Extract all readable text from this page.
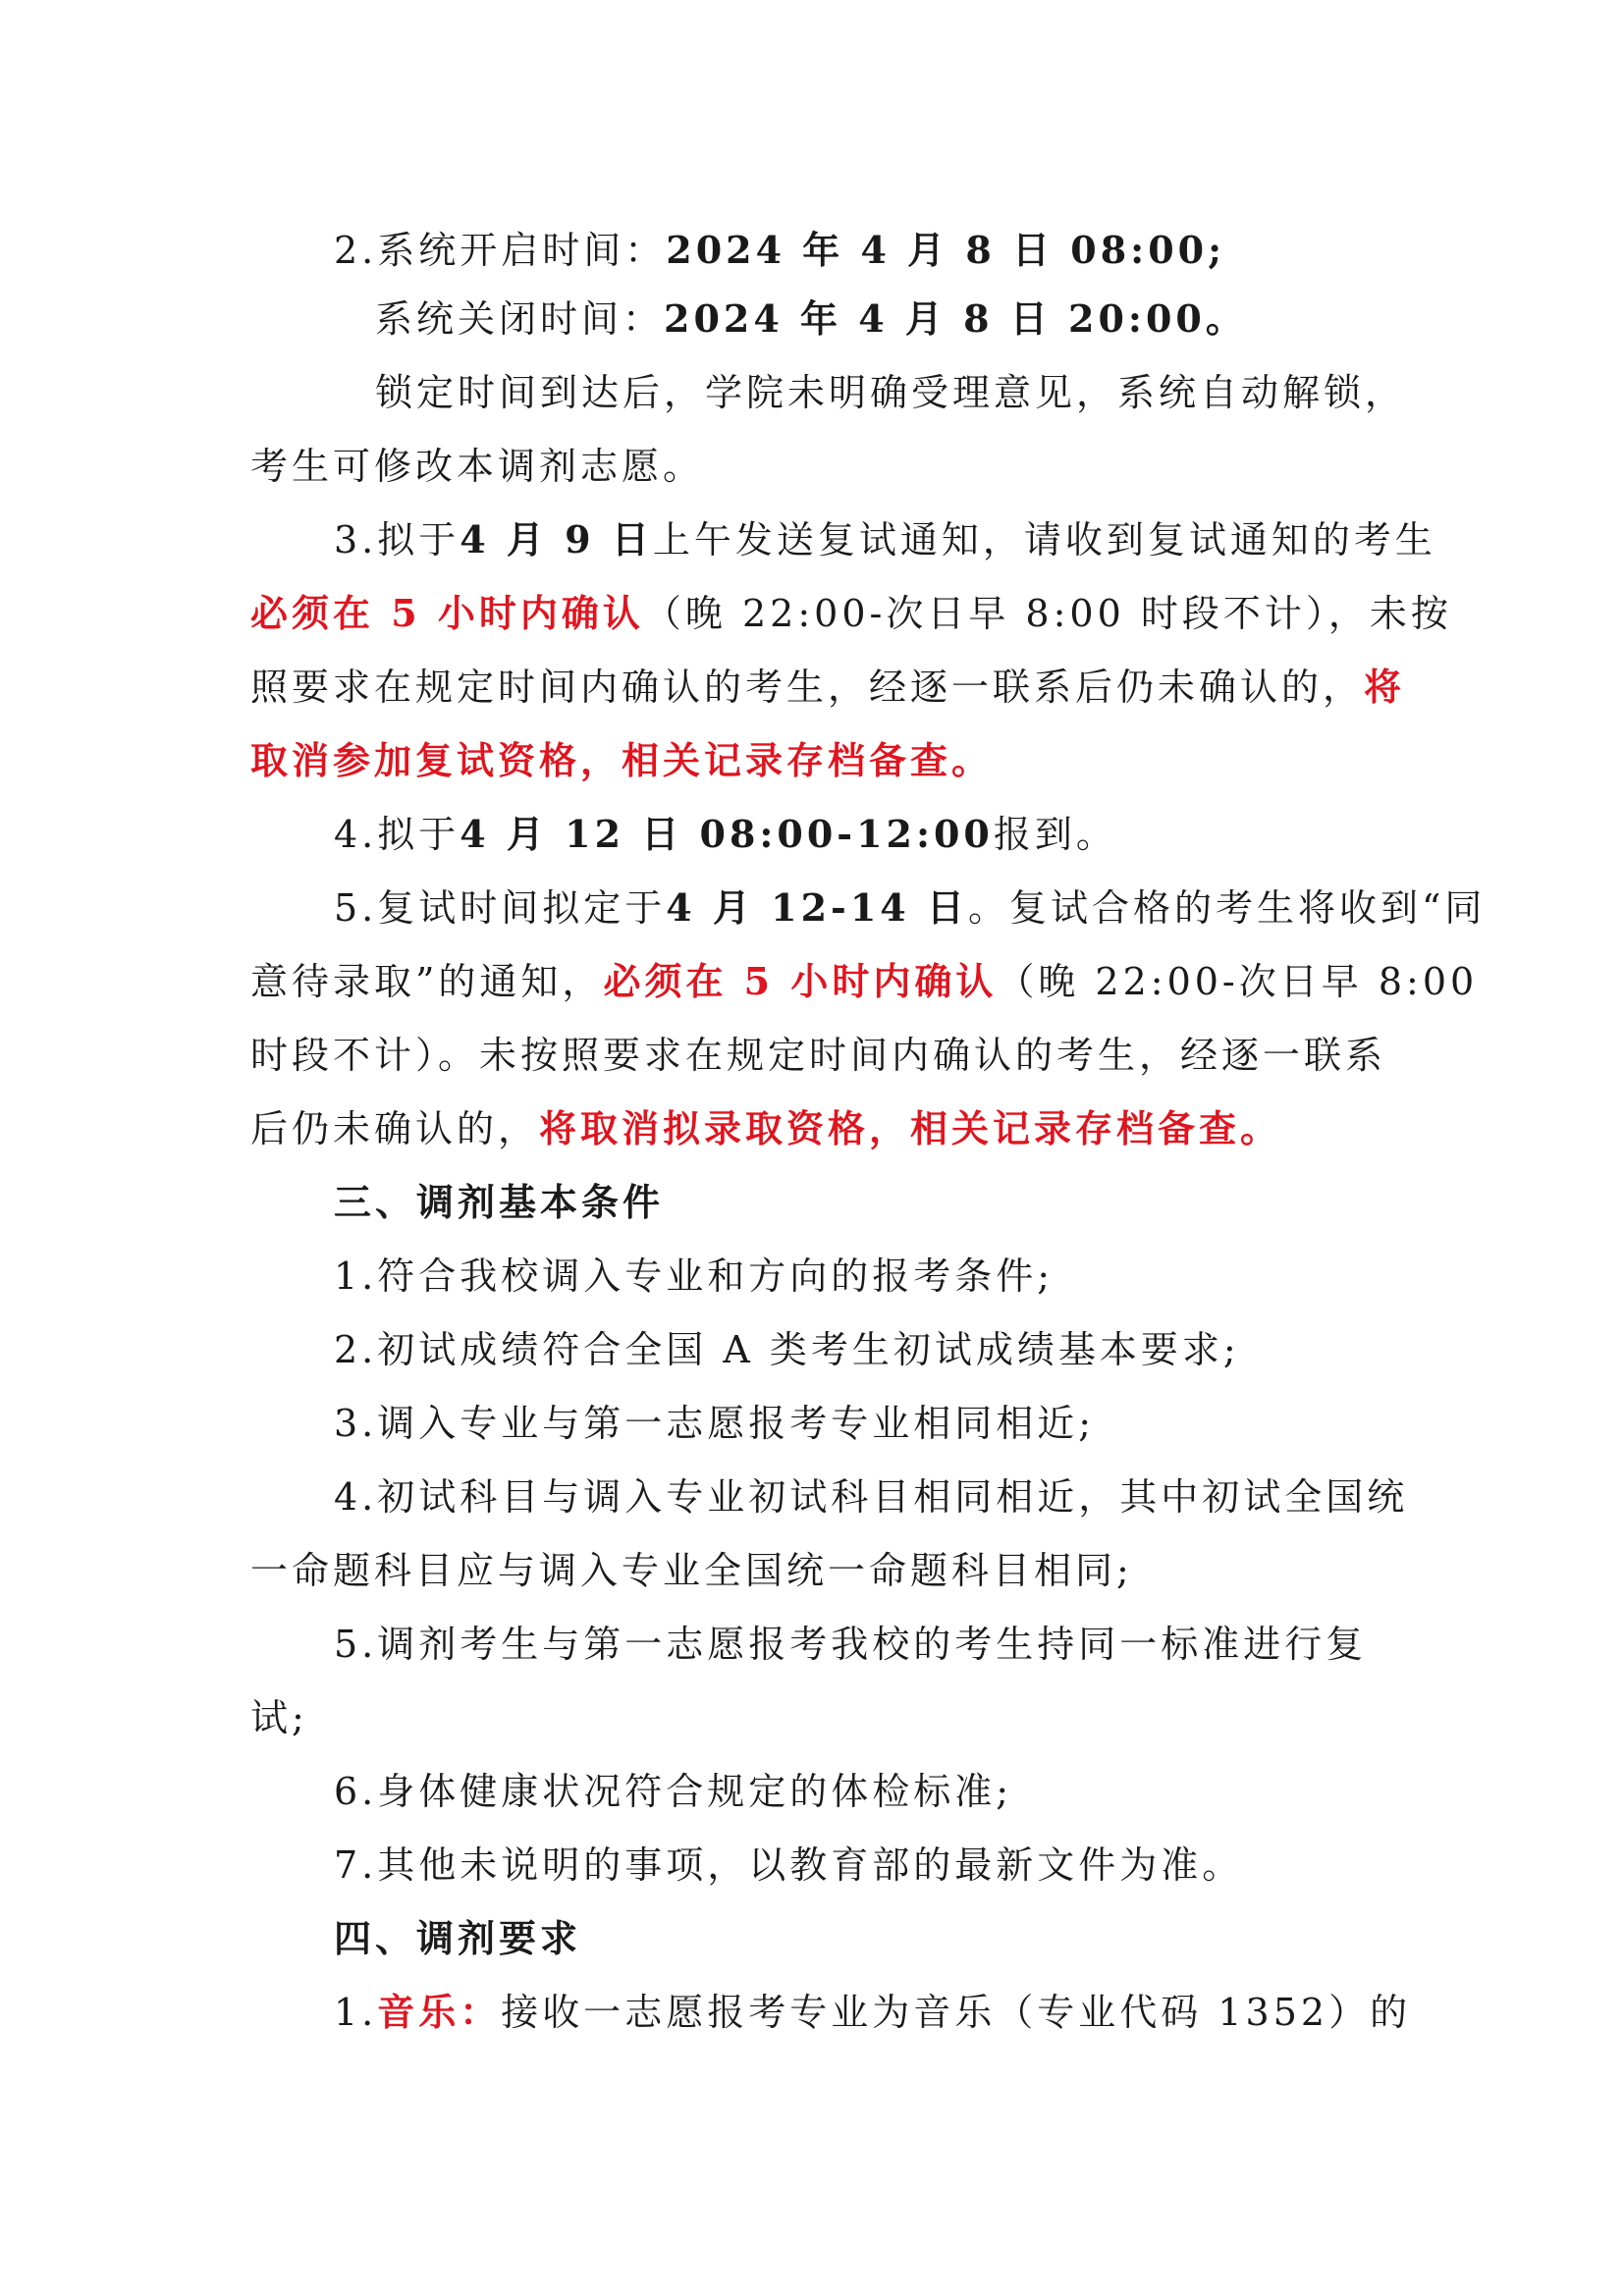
2.系统开启时间：2024 年 4 月 8 日 08:00;
系统关闭时间：2024 年 4 月 8 日 20:00。
锁定时间到达后，学院未明确受理意见，系统自动解锁，
考生可修改本调剂志愿。
3.拟于4 月 9 日上午发送复试通知，请收到复试通知的考生
必须在 5 小时内确认（晚 22:00-次日早 8:00 时段不计），未按
照要求在规定时间内确认的考生，经逐一联系后仍未确认的，将
取消参加复试资格，相关记录存档备查。
4.拟于4 月 12 日 08:00-12:00报到。
5.复试时间拟定于4 月 12-14 日。复试合格的考生将收到“同
意待录取”的通知，必须在 5 小时内确认（晚 22:00-次日早 8:00
时段不计）。未按照要求在规定时间内确认的考生，经逐一联系
后仍未确认的，将取消拟录取资格，相关记录存档备查。
三、调剂基本条件
1.符合我校调入专业和方向的报考条件;
2.初试成绩符合全国 A 类考生初试成绩基本要求;
3.调入专业与第一志愿报考专业相同相近;
4.初试科目与调入专业初试科目相同相近，其中初试全国统
一命题科目应与调入专业全国统一命题科目相同;
5.调剂考生与第一志愿报考我校的考生持同一标准进行复
试;
6.身体健康状况符合规定的体检标准;
7.其他未说明的事项，以教育部的最新文件为准。
四、调剂要求
1.音乐：接收一志愿报考专业为音乐（专业代码 1352）的
